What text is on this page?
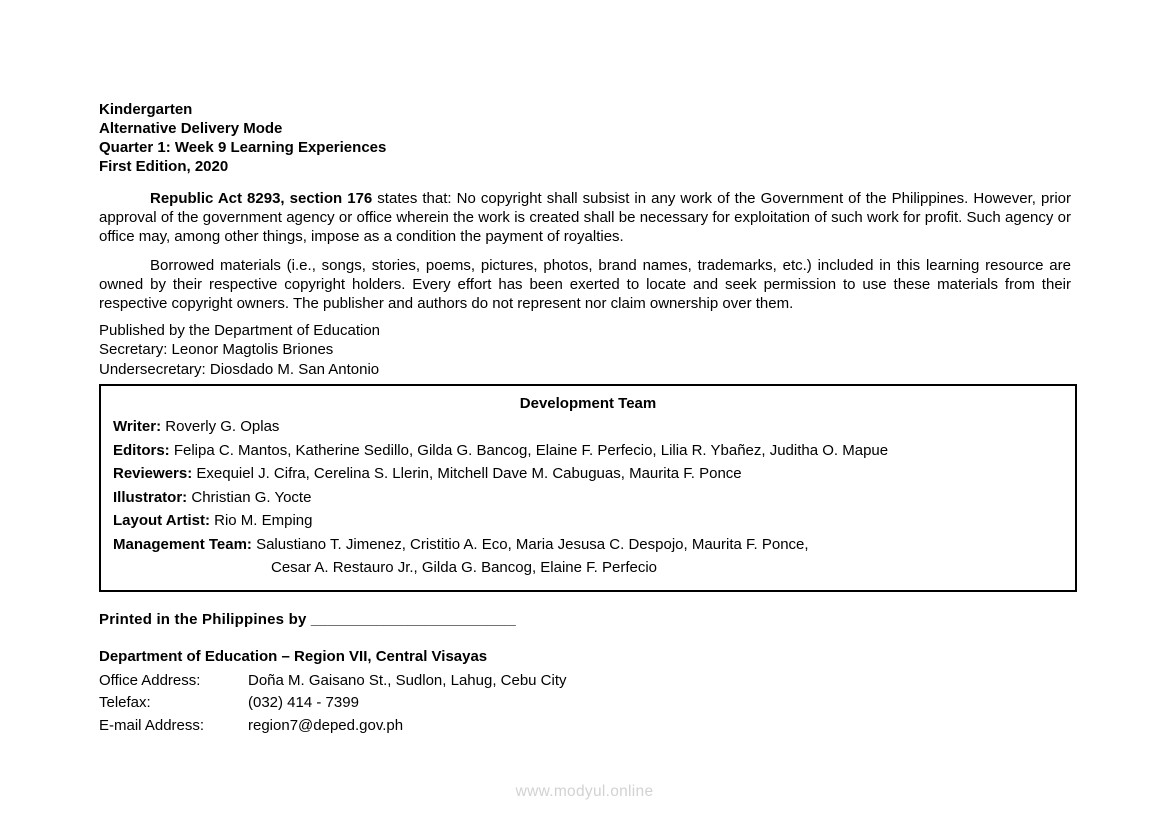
Kindergarten
Alternative Delivery Mode
Quarter 1: Week 9 Learning Experiences
First Edition, 2020

Republic Act 8293, section 176 states that: No copyright shall subsist in any work of the Government of the Philippines. However, prior approval of the government agency or office wherein the work is created shall be necessary for exploitation of such work for profit. Such agency or office may, among other things, impose as a condition the payment of royalties.

Borrowed materials (i.e., songs, stories, poems, pictures, photos, brand names, trademarks, etc.) included in this learning resource are owned by their respective copyright holders. Every effort has been exerted to locate and seek permission to use these materials from their respective copyright owners. The publisher and authors do not represent nor claim ownership over them.

Published by the Department of Education
Secretary: Leonor Magtolis Briones
Undersecretary: Diosdado M. San Antonio
Development Team
Writer: Roverly G. Oplas
Editors: Felipa C. Mantos, Katherine Sedillo, Gilda G. Bancog, Elaine F. Perfecio, Lilia R. Ybañez, Juditha O. Mapue
Reviewers: Exequiel J. Cifra, Cerelina S. Llerin, Mitchell Dave M. Cabuguas, Maurita F. Ponce
Illustrator: Christian G. Yocte
Layout Artist: Rio M. Emping
Management Team: Salustiano T. Jimenez, Cristitio A. Eco, Maria Jesusa C. Despojo, Maurita F. Ponce,
Cesar A. Restauro Jr., Gilda G. Bancog, Elaine F. Perfecio

Printed in the Philippines by ________________________

Department of Education – Region VII, Central Visayas
Office Address:	Doña M. Gaisano St., Sudlon, Lahug, Cebu City
Telefax:	(032) 414 - 7399
E-mail Address:	region7@deped.gov.ph
www.modyul.online
